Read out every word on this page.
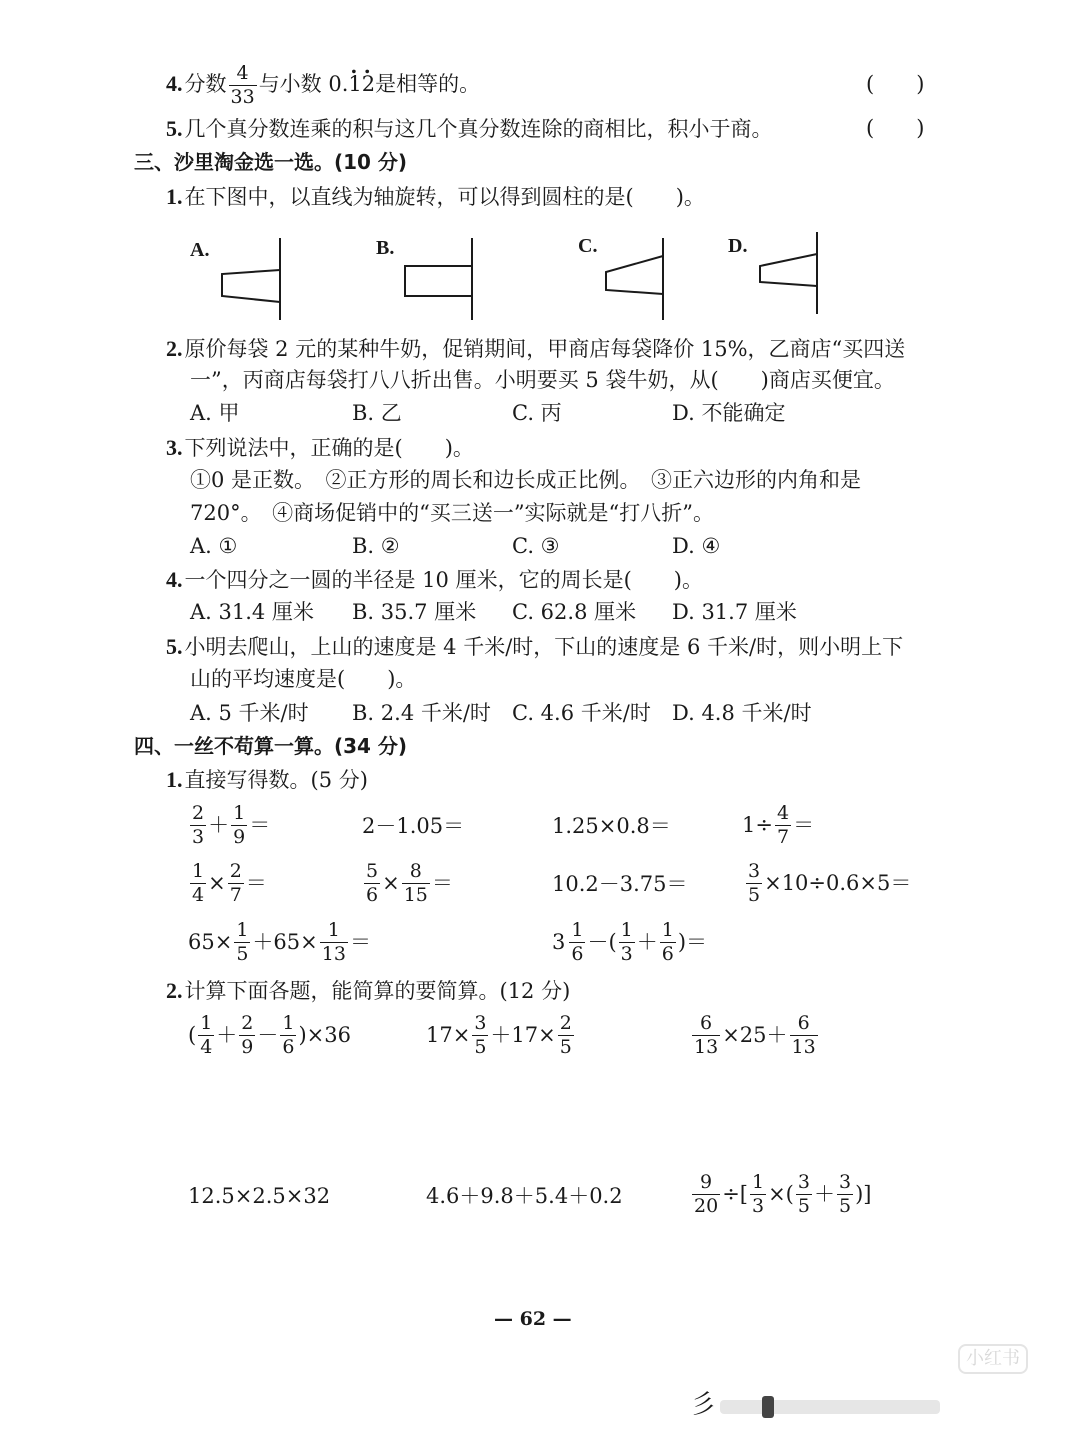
4.分数 $\frac{4}{33}$ 与小数 0.. 1. 2是相等的。	(　　)
5.几个真分数连乘的积与这几个真分数连除的商相比，积小于商。	(　　)
三、沙里淘金选一选。(10 分)
1.在下图中，以直线为轴旋转，可以得到圆柱的是(　　)。
A.	B.	C.	D.
2.原价每袋 2 元的某种牛奶，促销期间，甲商店每袋降价 15%，乙商店“买四送
一”，丙商店每袋打八八折出售。小明要买 5 袋牛奶，从(　　)商店买便宜。
A. 甲	B. 乙	C. 丙	D. 不能确定
3.下列说法中，正确的是(　　)。
①0 是正数。　②正方形的周长和边长成正比例。　③正六边形的内角和是
720°。　④商场促销中的“买三送一”实际就是“打八折”。
A. ①	B. ②	C. ③	D. ④
4.一个四分之一圆的半径是 10 厘米，它的周长是(　　)。
A. 31.4 厘米 B. 35.7 厘米 C. 62.8 厘米 D. 31.7 厘米
5.小明去爬山，上山的速度是 4 千米/时，下山的速度是 6 千米/时，则小明上下
山的平均速度是(　　)。
A. 5 千米/时 B. 2.4 千米/时 C. 4.6 千米/时 D. 4.8 千米/时
四、一丝不苟算一算。(34 分)
1.直接写得数。(5 分)
$\frac{2}{3} + \frac{1}{9}$ ＝	2－1.05＝	1.25×0.8＝	$1\div \frac{4}{7}$ ＝
$\frac{1}{4} \times \frac{2}{7}$ ＝	$\frac{5}{6} \times \frac{8}{15}$ ＝	10.2－3.75＝	$\frac{3}{5} \times 10\div 0.6\times 5=$
$65\times \frac{1}{5} +65\times \frac{1}{13}$ ＝	$3 \frac{1}{6}$ －( $\frac{1}{3} + \frac{1}{6}$ )＝
2.计算下面各题，能简算的要简算。(12 分)
( $\frac{1}{4} + \frac{2}{9} - \frac{1}{6} )\times 36$	$17\times \frac{3}{5} +17\times \frac{2}{5}$	$\frac{6}{13} \times 25+ \frac{6}{13}$
12.5×2.5×32	4.6＋9.8＋5.4＋0.2	$\frac{9}{20}$ ÷[ $\frac{1}{3}$ ×( $\frac{3}{5} + \frac{3}{5}$ )]
— 62 —
小红书
彡
